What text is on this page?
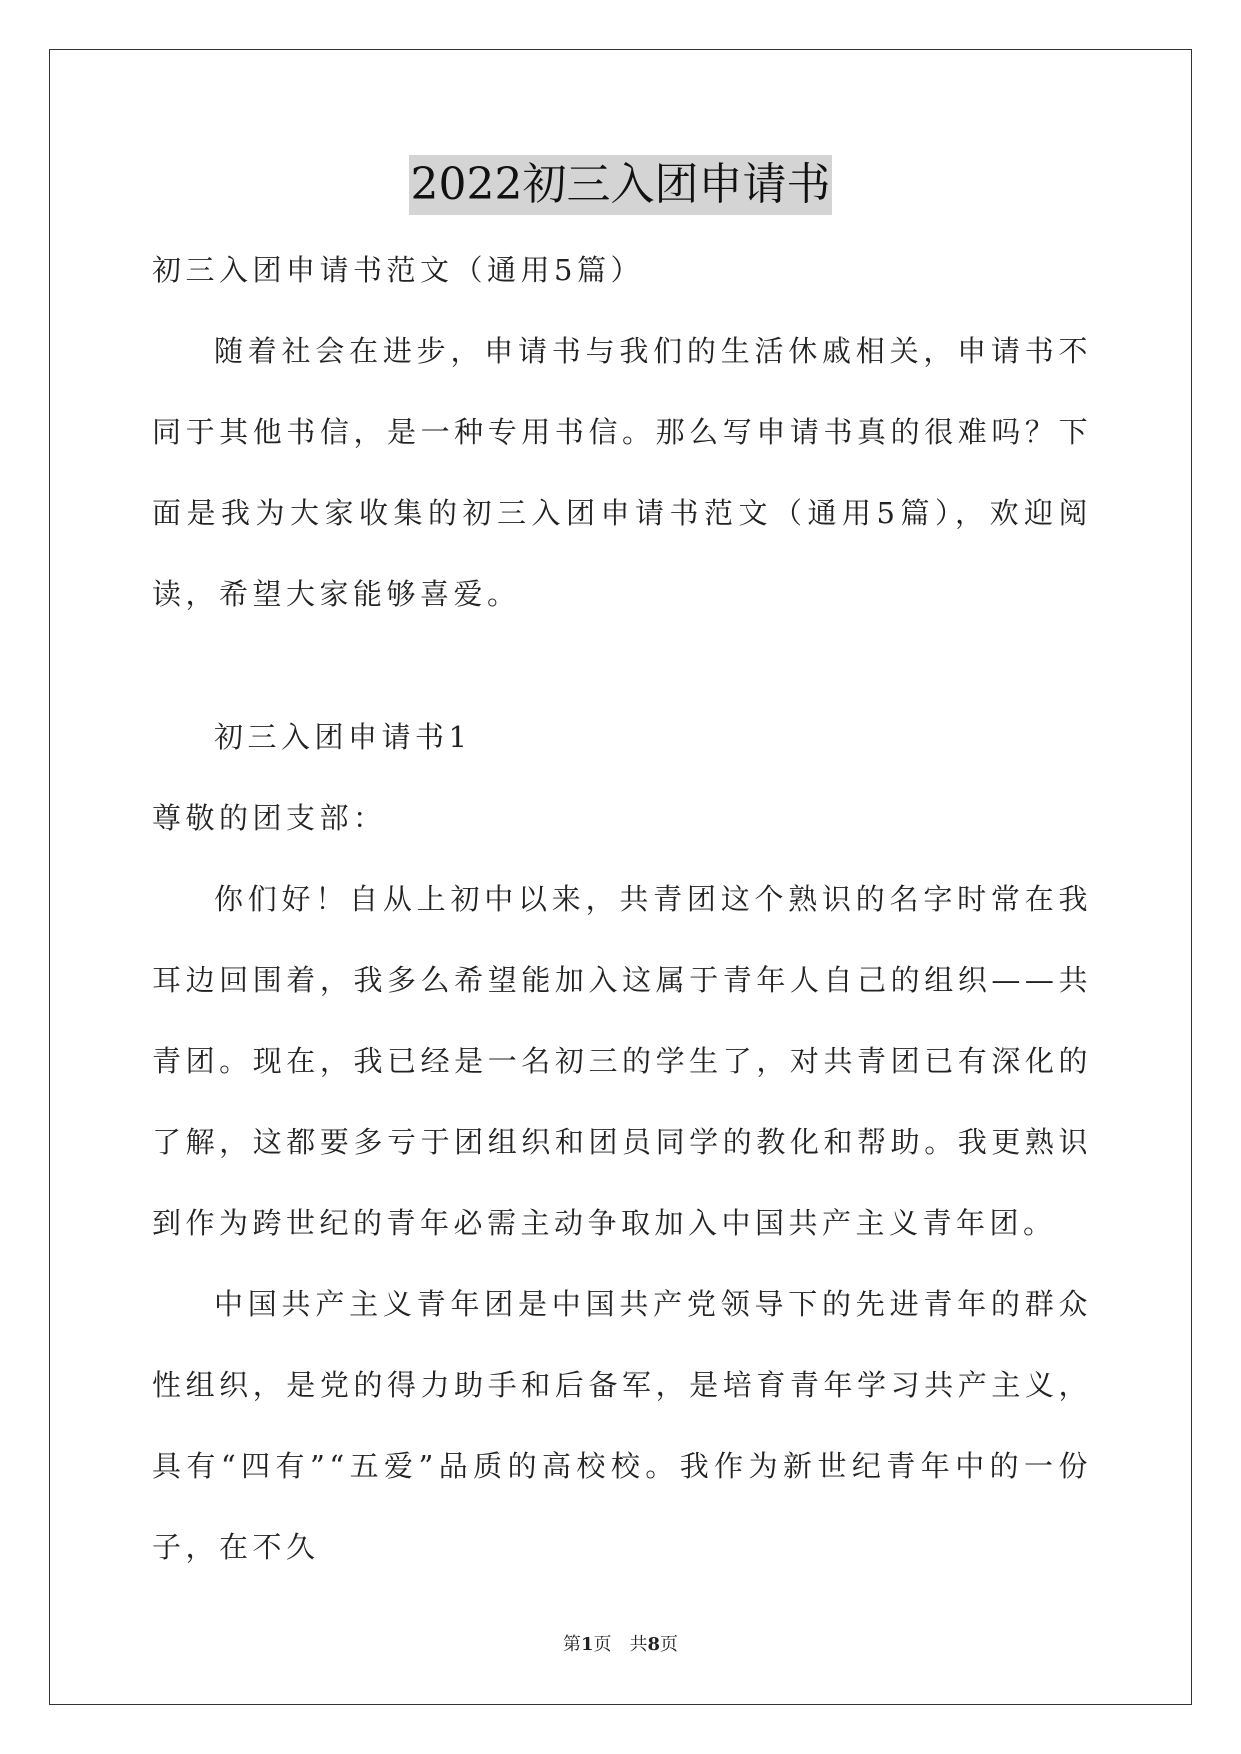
2022初三入团申请书

初三入团申请书范文（通用5篇）

随着社会在进步，申请书与我们的生活休戚相关，申请书不同于其他书信，是一种专用书信。那么写申请书真的很难吗？下面是我为大家收集的初三入团申请书范文（通用5篇），欢迎阅读，希望大家能够喜爱。

初三入团申请书1

尊敬的团支部：

你们好！自从上初中以来，共青团这个熟识的名字时常在我耳边回围着，我多么希望能加入这属于青年人自己的组织——共青团。现在，我已经是一名初三的学生了，对共青团已有深化的了解，这都要多亏于团组织和团员同学的教化和帮助。我更熟识到作为跨世纪的青年必需主动争取加入中国共产主义青年团。

中国共产主义青年团是中国共产党领导下的先进青年的群众性组织，是党的得力助手和后备军，是培育青年学习共产主义，具有“四有”“五爱”品质的高校校。我作为新世纪青年中的一份子，在不久

第1页　共8页
